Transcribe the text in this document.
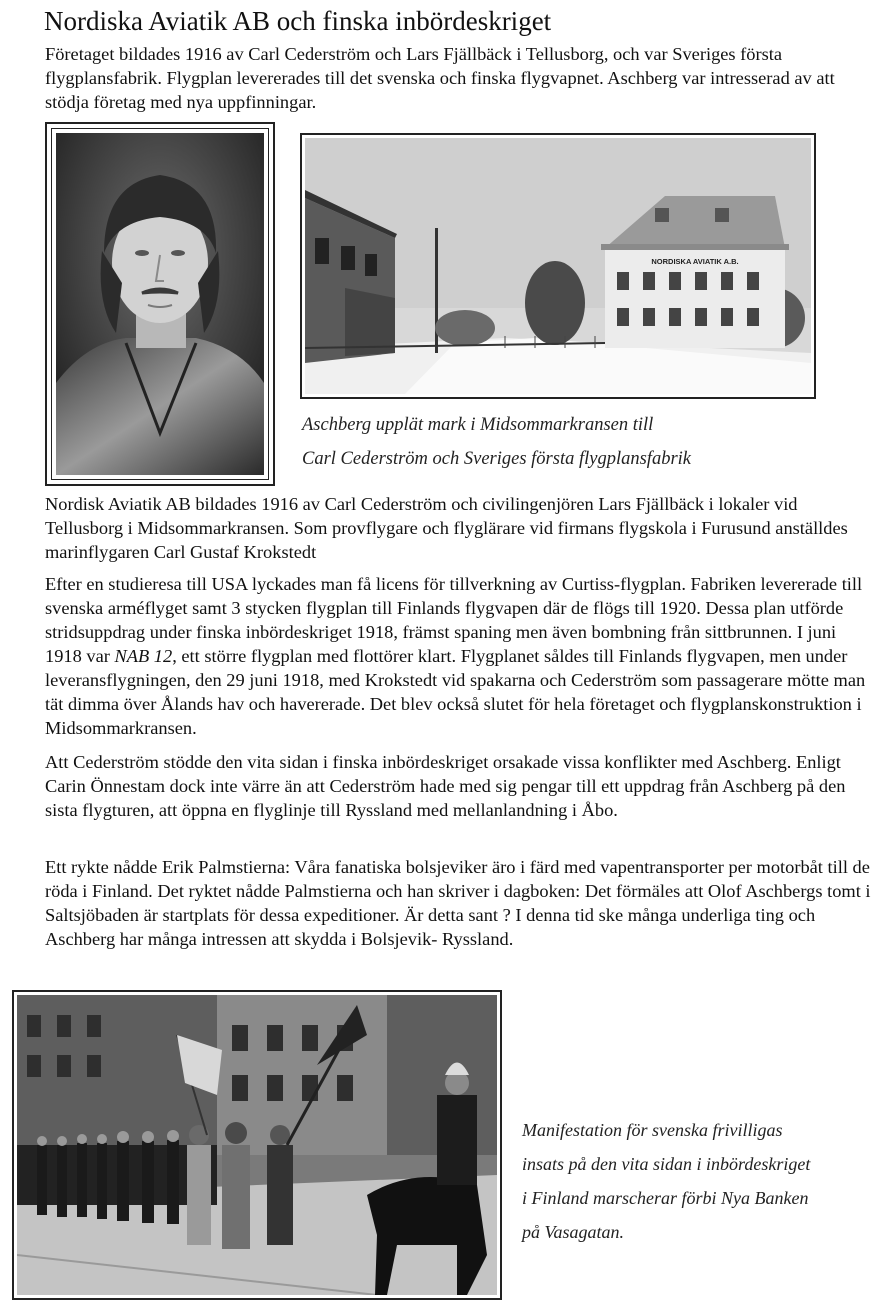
Nordiska Aviatik AB och finska inbördeskriget

Företaget bildades 1916 av Carl Cederström och Lars Fjällbäck i Tellusborg, och var Sveriges första flygplansfabrik. Flygplan levererades till det svenska och finska flygvapnet. Aschberg var intresserad av att stödja företag med nya uppfinningar.

NORDISKA AVIATIK A.B.

Aschberg upplät mark i Midsommarkransen till
Carl Cederström och Sveriges första flygplansfabrik

Nordisk Aviatik AB bildades 1916 av Carl Cederström och civilingenjören Lars Fjällbäck i lokaler vid Tellusborg i Midsommarkransen. Som provflygare och flyglärare vid firmans flygskola i Furusund anställdes marinflygaren Carl Gustaf Krokstedt

Efter en studieresa till USA lyckades man få licens för tillverkning av Curtiss-flygplan. Fabriken levererade till svenska arméflyget samt 3 stycken flygplan till Finlands flygvapen där de flögs till 1920. Dessa plan utförde stridsuppdrag under finska inbördeskriget 1918, främst spaning men även bombning från sittbrunnen. I juni 1918 var NAB 12, ett större flygplan med flottörer klart. Flygplanet såldes till Finlands flygvapen, men under leveransflygningen, den 29 juni 1918, med Krokstedt vid spakarna och Cederström som passagerare mötte man tät dimma över Ålands hav och havererade. Det blev också slutet för hela företaget och flygplanskonstruktion i Midsommarkransen.

Att Cederström stödde den vita sidan i finska inbördeskriget orsakade vissa konflikter med Aschberg. Enligt Carin Önnestam dock inte värre än att Cederström hade med sig pengar till ett uppdrag från Aschberg på den sista flygturen, att öppna en flyglinje till Ryssland med mellanlandning i Åbo.

Ett rykte nådde Erik Palmstierna: Våra fanatiska bolsjeviker äro i färd med vapentransporter per motorbåt till de röda i Finland. Det ryktet nådde Palmstierna och han skriver i dagboken: Det förmäles att Olof Aschbergs tomt i Saltsjöbaden är startplats för dessa expeditioner. Är detta sant ? I denna tid ske många underliga ting och Aschberg har många intressen att skydda i Bolsjevik- Ryssland.

Manifestation för svenska frivilligas
insats på den vita sidan i inbördeskriget
i Finland marscherar förbi Nya Banken
på Vasagatan.
